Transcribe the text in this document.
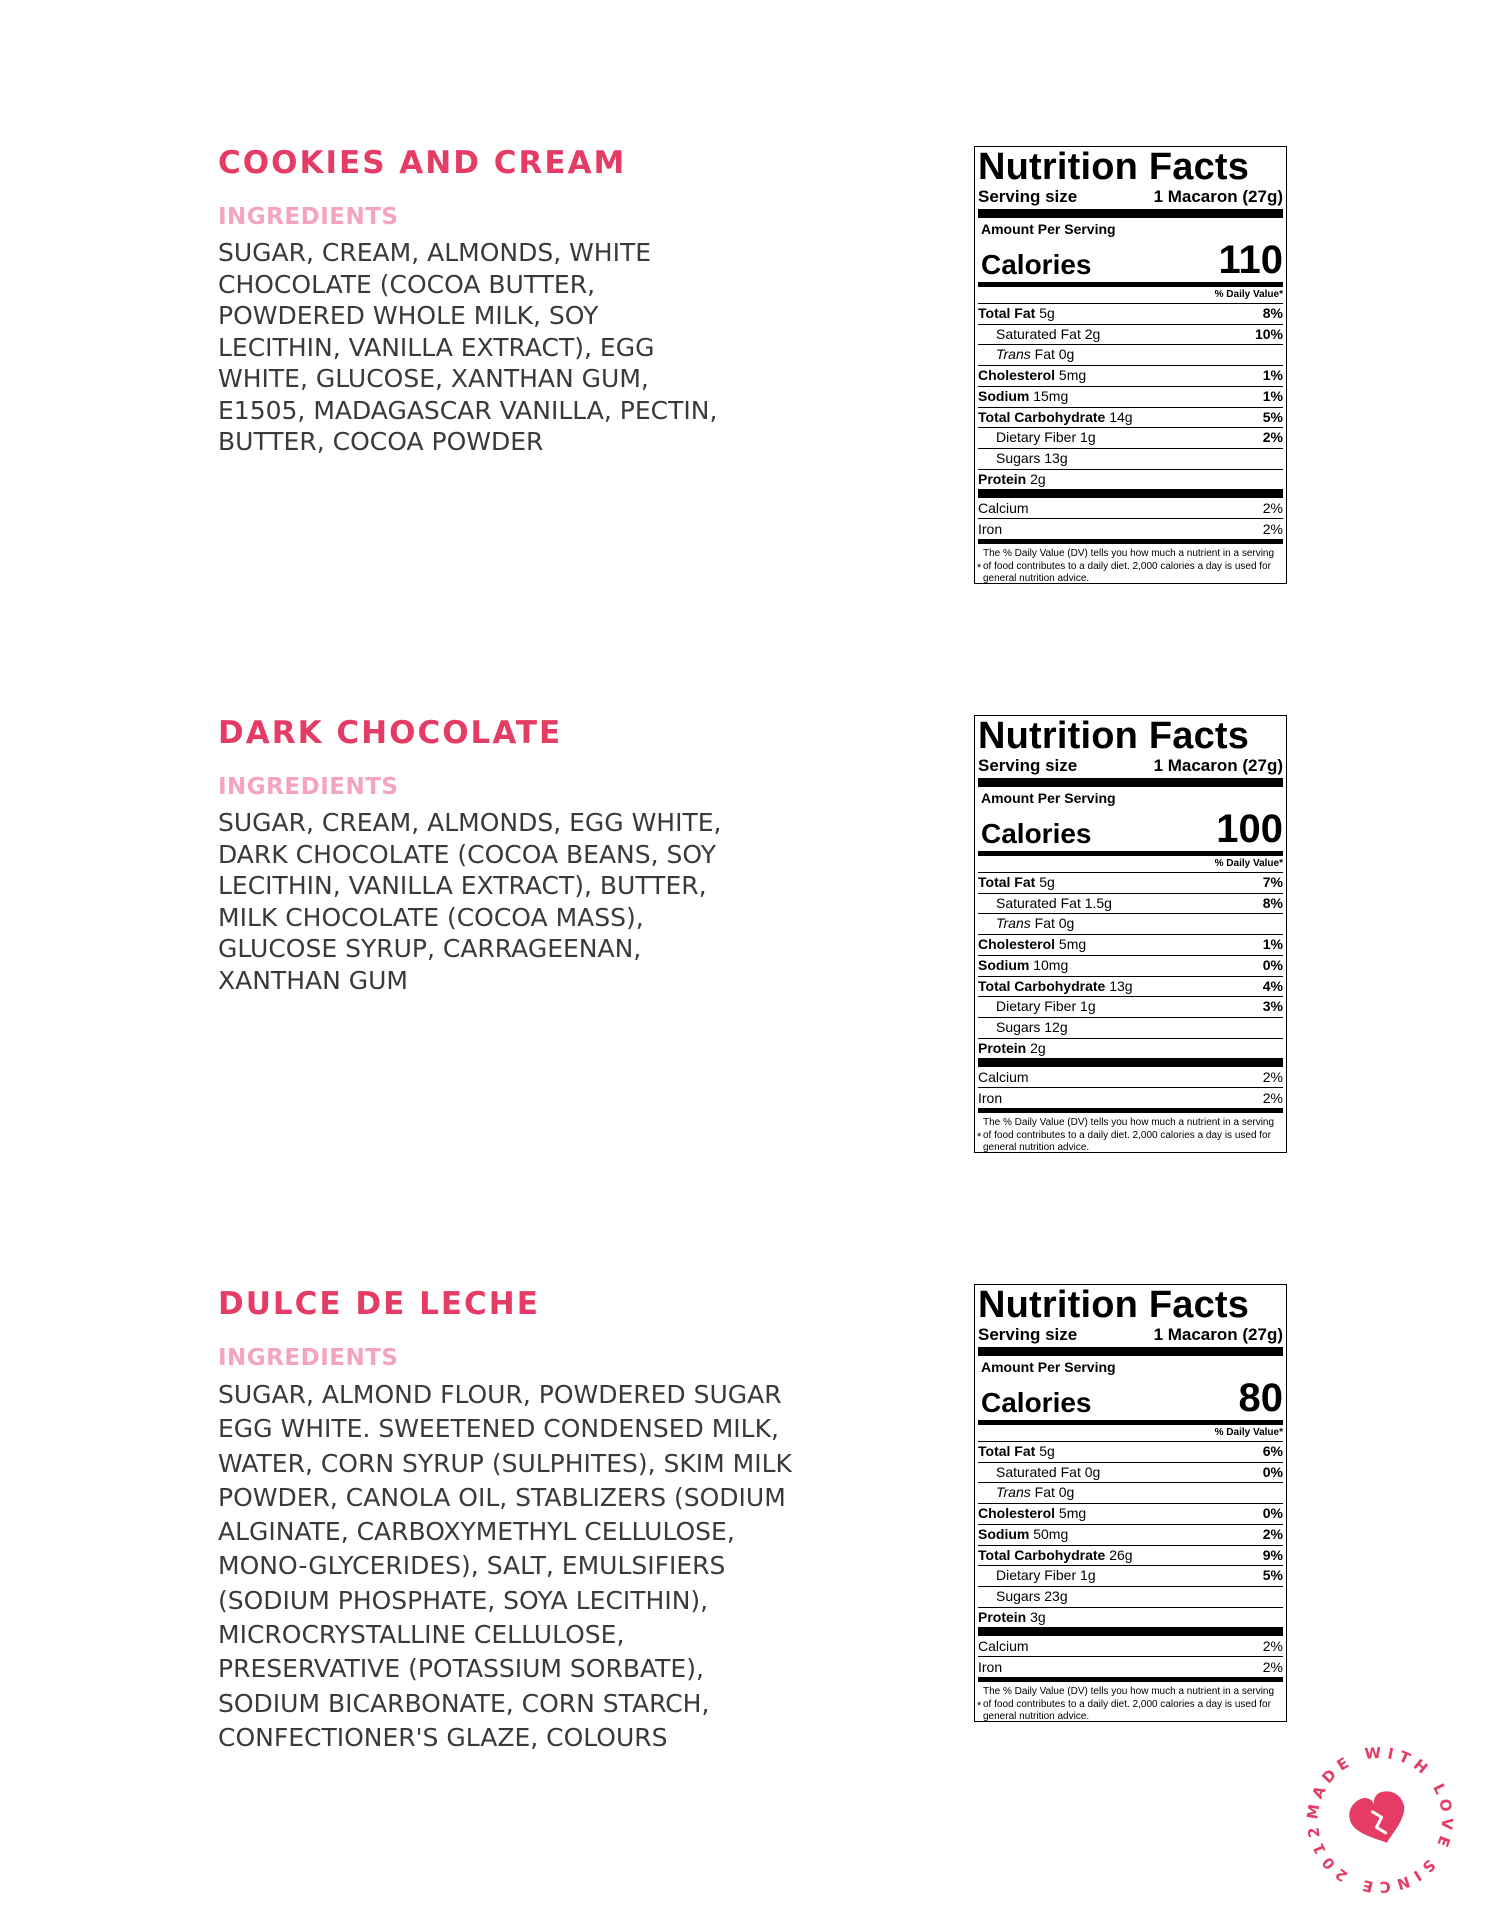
COOKIES AND CREAM
INGREDIENTS
SUGAR, CREAM, ALMONDS, WHITE
CHOCOLATE (COCOA BUTTER,
POWDERED WHOLE MILK, SOY
LECITHIN, VANILLA EXTRACT), EGG
WHITE, GLUCOSE, XANTHAN GUM,
E1505, MADAGASCAR VANILLA, PECTIN,
BUTTER, COCOA POWDER
Nutrition Facts
Serving size	1 Macaron (27g)
Amount Per Serving
Calories	110
% Daily Value*
Total Fat 5g	8%
Saturated Fat 2g	10%
Trans Fat 0g
Cholesterol 5mg	1%
Sodium 15mg	1%
Total Carbohydrate 14g	5%
Dietary Fiber 1g	2%
Sugars 13g
Protein 2g
Calcium	2%
Iron	2%
*
The % Daily Value (DV) tells you how much a nutrient in a serving of food contributes to a daily diet. 2,000 calories a day is used for general nutrition advice.
DARK CHOCOLATE
INGREDIENTS
SUGAR, CREAM, ALMONDS, EGG WHITE,
DARK CHOCOLATE (COCOA BEANS, SOY
LECITHIN, VANILLA EXTRACT), BUTTER,
MILK CHOCOLATE (COCOA MASS),
GLUCOSE SYRUP, CARRAGEENAN,
XANTHAN GUM
Nutrition Facts
Serving size	1 Macaron (27g)
Amount Per Serving
Calories	100
% Daily Value*
Total Fat 5g	7%
Saturated Fat 1.5g	8%
Trans Fat 0g
Cholesterol 5mg	1%
Sodium 10mg	0%
Total Carbohydrate 13g	4%
Dietary Fiber 1g	3%
Sugars 12g
Protein 2g
Calcium	2%
Iron	2%
*
The % Daily Value (DV) tells you how much a nutrient in a serving of food contributes to a daily diet. 2,000 calories a day is used for general nutrition advice.
DULCE DE LECHE
INGREDIENTS
SUGAR, ALMOND FLOUR, POWDERED SUGAR
EGG WHITE. SWEETENED CONDENSED MILK,
WATER, CORN SYRUP (SULPHITES), SKIM MILK
POWDER, CANOLA OIL, STABLIZERS (SODIUM
ALGINATE, CARBOXYMETHYL CELLULOSE,
MONO-GLYCERIDES), SALT, EMULSIFIERS
(SODIUM PHOSPHATE, SOYA LECITHIN),
MICROCRYSTALLINE CELLULOSE,
PRESERVATIVE (POTASSIUM SORBATE),
SODIUM BICARBONATE, CORN STARCH,
CONFECTIONER'S GLAZE, COLOURS
Nutrition Facts
Serving size	1 Macaron (27g)
Amount Per Serving
Calories	80
% Daily Value*
Total Fat 5g	6%
Saturated Fat 0g	0%
Trans Fat 0g
Cholesterol 5mg	0%
Sodium 50mg	2%
Total Carbohydrate 26g	9%
Dietary Fiber 1g	5%
Sugars 23g
Protein 3g
Calcium	2%
Iron	2%
*
The % Daily Value (DV) tells you how much a nutrient in a serving of food contributes to a daily diet. 2,000 calories a day is used for general nutrition advice.
MADE WITH LOVE SINCE 2012
